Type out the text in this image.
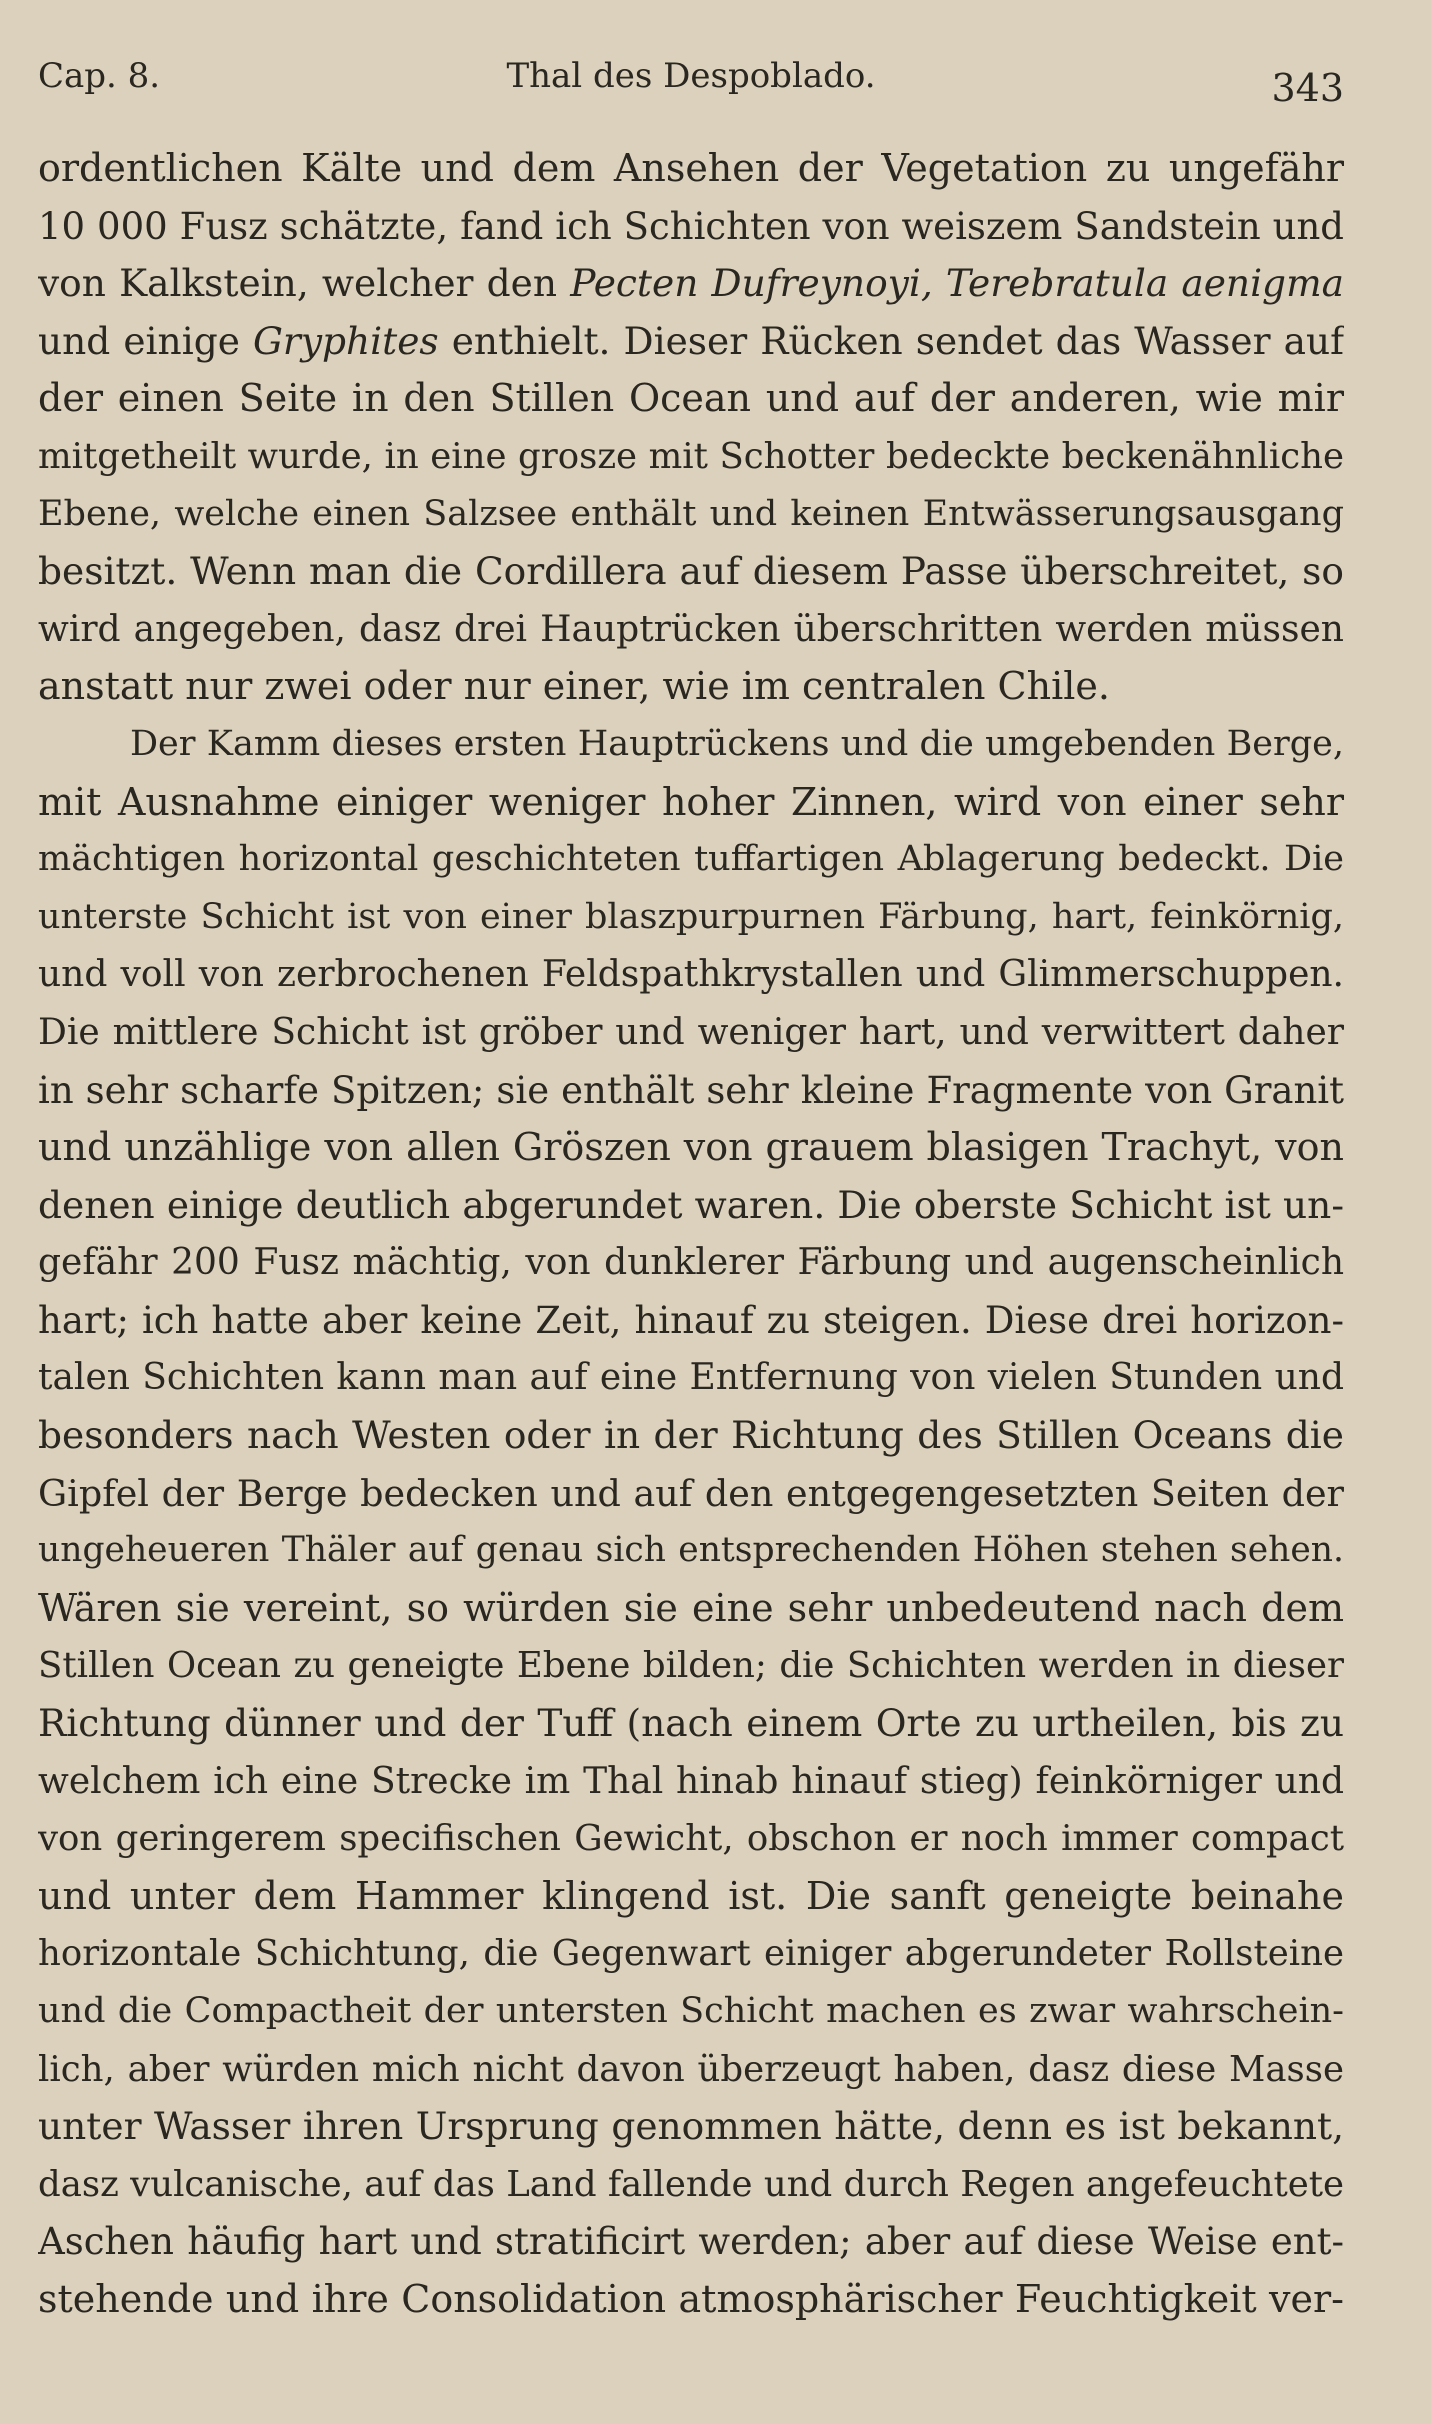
Cap. 8.	Thal des Despoblado.	343
ordentlichen Kälte und dem Ansehen der Vegetation zu ungefähr
10 000 Fusz schätzte, fand ich Schichten von weiszem Sandstein und
von Kalkstein, welcher den Pecten Dufreynoyi, Terebratula aenigma
und einige Gryphites enthielt. Dieser Rücken sendet das Wasser auf
der einen Seite in den Stillen Ocean und auf der anderen, wie mir
mitgetheilt wurde, in eine grosze mit Schotter bedeckte beckenähnliche
Ebene, welche einen Salzsee enthält und keinen Entwässerungsausgang
besitzt. Wenn man die Cordillera auf diesem Passe überschreitet, so
wird angegeben, dasz drei Hauptrücken überschritten werden müssen
anstatt nur zwei oder nur einer, wie im centralen Chile.
Der Kamm dieses ersten Hauptrückens und die umgebenden Berge,
mit Ausnahme einiger weniger hoher Zinnen, wird von einer sehr
mächtigen horizontal geschichteten tuffartigen Ablagerung bedeckt. Die
unterste Schicht ist von einer blaszpurpurnen Färbung, hart, feinkörnig,
und voll von zerbrochenen Feldspathkrystallen und Glimmerschuppen.
Die mittlere Schicht ist gröber und weniger hart, und verwittert daher
in sehr scharfe Spitzen; sie enthält sehr kleine Fragmente von Granit
und unzählige von allen Gröszen von grauem blasigen Trachyt, von
denen einige deutlich abgerundet waren. Die oberste Schicht ist un-
gefähr 200 Fusz mächtig, von dunklerer Färbung und augenscheinlich
hart; ich hatte aber keine Zeit, hinauf zu steigen. Diese drei horizon-
talen Schichten kann man auf eine Entfernung von vielen Stunden und
besonders nach Westen oder in der Richtung des Stillen Oceans die
Gipfel der Berge bedecken und auf den entgegengesetzten Seiten der
ungeheueren Thäler auf genau sich entsprechenden Höhen stehen sehen.
Wären sie vereint, so würden sie eine sehr unbedeutend nach dem
Stillen Ocean zu geneigte Ebene bilden; die Schichten werden in dieser
Richtung dünner und der Tuff (nach einem Orte zu urtheilen, bis zu
welchem ich eine Strecke im Thal hinab hinauf stieg) feinkörniger und
von geringerem specifischen Gewicht, obschon er noch immer compact
und unter dem Hammer klingend ist. Die sanft geneigte beinahe
horizontale Schichtung, die Gegenwart einiger abgerundeter Rollsteine
und die Compactheit der untersten Schicht machen es zwar wahrschein-
lich, aber würden mich nicht davon überzeugt haben, dasz diese Masse
unter Wasser ihren Ursprung genommen hätte, denn es ist bekannt,
dasz vulcanische, auf das Land fallende und durch Regen angefeuchtete
Aschen häufig hart und stratificirt werden; aber auf diese Weise ent-
stehende und ihre Consolidation atmosphärischer Feuchtigkeit ver-
